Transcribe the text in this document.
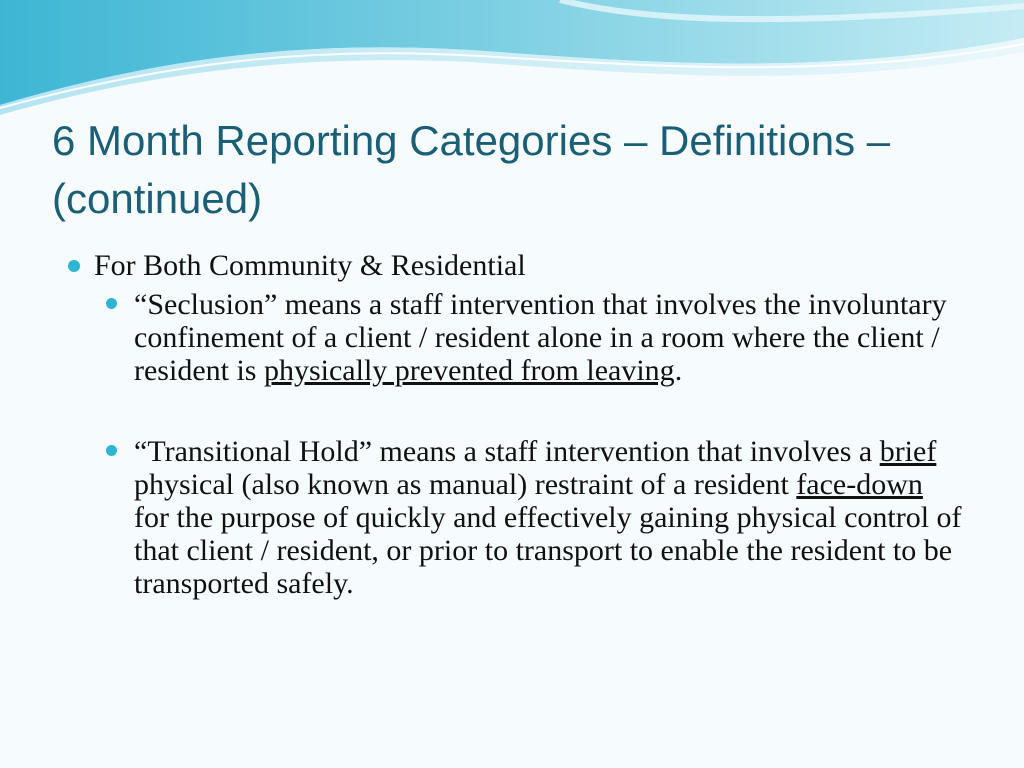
6 Month Reporting Categories – Definitions – (continued)
For Both Community & Residential
“Seclusion” means a staff intervention that involves the involuntary confinement of a client / resident alone in a room where the client / resident is physically prevented from leaving.
“Transitional Hold” means a staff intervention that involves a brief physical (also known as manual) restraint of a resident face-down for the purpose of quickly and effectively gaining physical control of that client / resident, or prior to transport to enable the resident to be transported safely.
